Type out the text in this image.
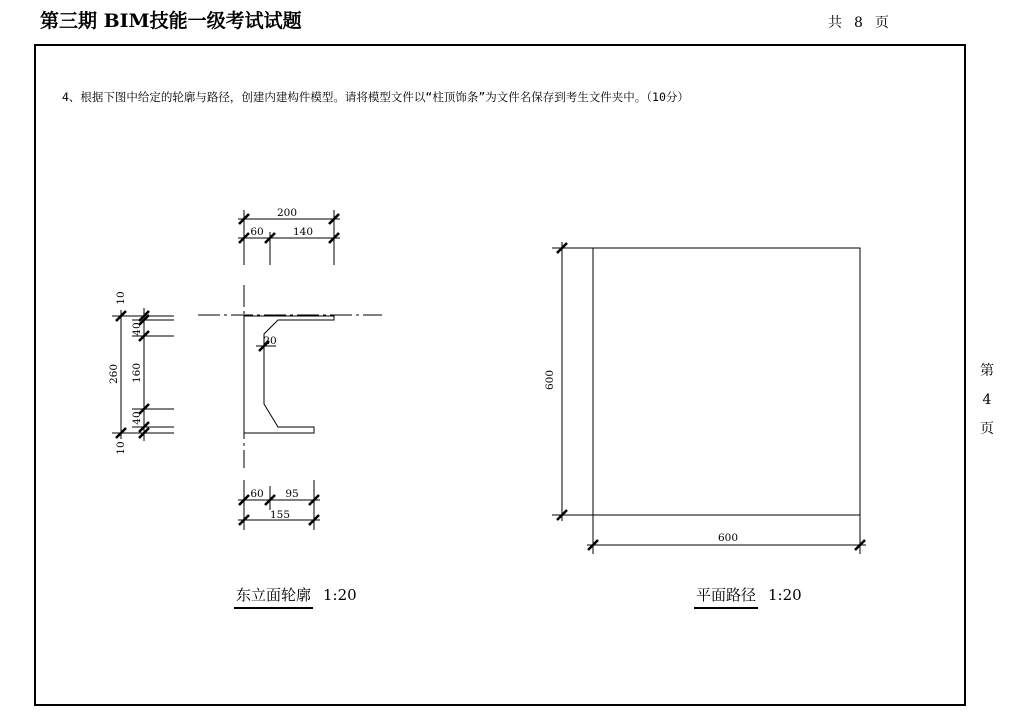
第三期 BIM技能一级考试试题	共 8 页
4、根据下图中给定的轮廓与路径，创建内建构件模型。请将模型文件以“柱顶饰条”为文件名保存到考生文件夹中。（10分）
第
4
页
200
60	140
260
10
40
160
40
10
20
60 95
155
600
600
东立面轮廓 1:20	平面路径 1:20
